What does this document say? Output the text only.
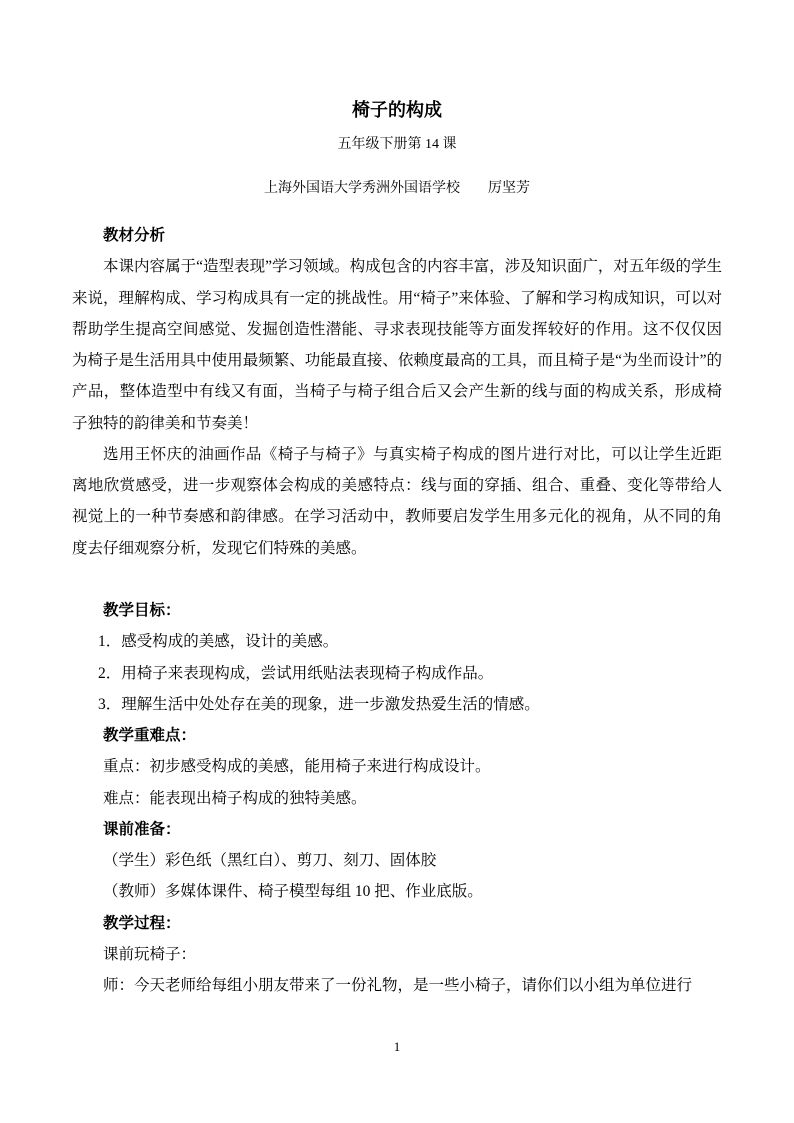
椅子的构成

五年级下册第 14 课

上海外国语大学秀洲外国语学校　　厉坚芳

教材分析

本课内容属于“造型表现”学习领域。构成包含的内容丰富，涉及知识面广，对五年级的学生来说，理解构成、学习构成具有一定的挑战性。用“椅子”来体验、了解和学习构成知识，可以对帮助学生提高空间感觉、发掘创造性潜能、寻求表现技能等方面发挥较好的作用。这不仅仅因为椅子是生活用具中使用最频繁、功能最直接、依赖度最高的工具，而且椅子是“为坐而设计”的产品，整体造型中有线又有面，当椅子与椅子组合后又会产生新的线与面的构成关系，形成椅子独特的韵律美和节奏美！

选用王怀庆的油画作品《椅子与椅子》与真实椅子构成的图片进行对比，可以让学生近距离地欣赏感受，进一步观察体会构成的美感特点：线与面的穿插、组合、重叠、变化等带给人视觉上的一种节奏感和韵律感。在学习活动中，教师要启发学生用多元化的视角，从不同的角度去仔细观察分析，发现它们特殊的美感。

教学目标：

1．感受构成的美感，设计的美感。

2．用椅子来表现构成，尝试用纸贴法表现椅子构成作品。

3．理解生活中处处存在美的现象，进一步激发热爱生活的情感。

教学重难点：

重点：初步感受构成的美感，能用椅子来进行构成设计。

难点：能表现出椅子构成的独特美感。

课前准备：

（学生）彩色纸（黑红白）、剪刀、刻刀、固体胶

（教师）多媒体课件、椅子模型每组 10 把、作业底版。

教学过程：

课前玩椅子：

师：今天老师给每组小朋友带来了一份礼物，是一些小椅子，请你们以小组为单位进行

1
